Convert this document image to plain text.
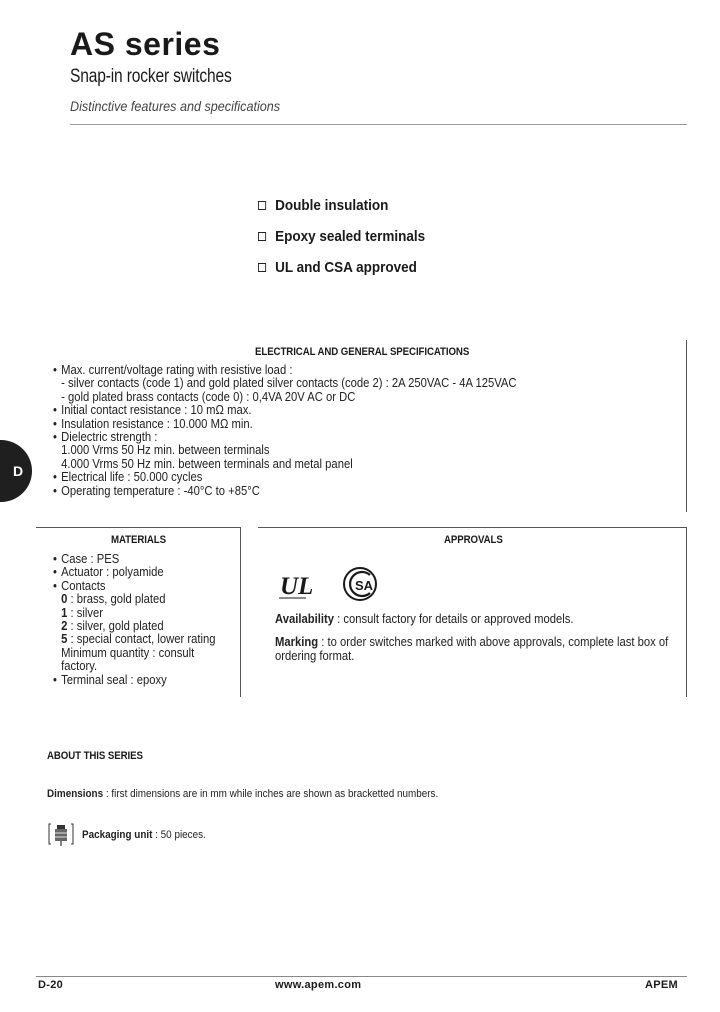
AS series
Snap-in rocker switches
Distinctive features and specifications
Double insulation
Epoxy sealed terminals
UL and CSA approved
ELECTRICAL AND GENERAL SPECIFICATIONS
• Max. current/voltage rating with resistive load :
- silver contacts (code 1) and gold plated silver contacts (code 2) : 2A 250VAC - 4A 125VAC
- gold plated brass contacts (code 0) : 0,4VA 20V AC or DC
• Initial contact resistance : 10 mΩ max.
• Insulation resistance : 10.000 MΩ min.
• Dielectric strength :
1.000 Vrms 50 Hz min. between terminals
4.000 Vrms 50 Hz min. between terminals and metal panel
• Electrical life : 50.000 cycles
• Operating temperature : -40°C to +85°C
D
MATERIALS
• Case : PES
• Actuator : polyamide
• Contacts
0 : brass, gold plated
1 : silver
2 : silver, gold plated
5 : special contact, lower rating
Minimum quantity : consult
factory.
• Terminal seal : epoxy
APPROVALS
UL	SA
Availability : consult factory for details or approved models.
Marking : to order switches marked with above approvals, complete last box of ordering format.
ABOUT THIS SERIES
Dimensions : first dimensions are in mm while inches are shown as bracketted numbers.
Packaging unit : 50 pieces.
D-20	www.apem.com	APEM
